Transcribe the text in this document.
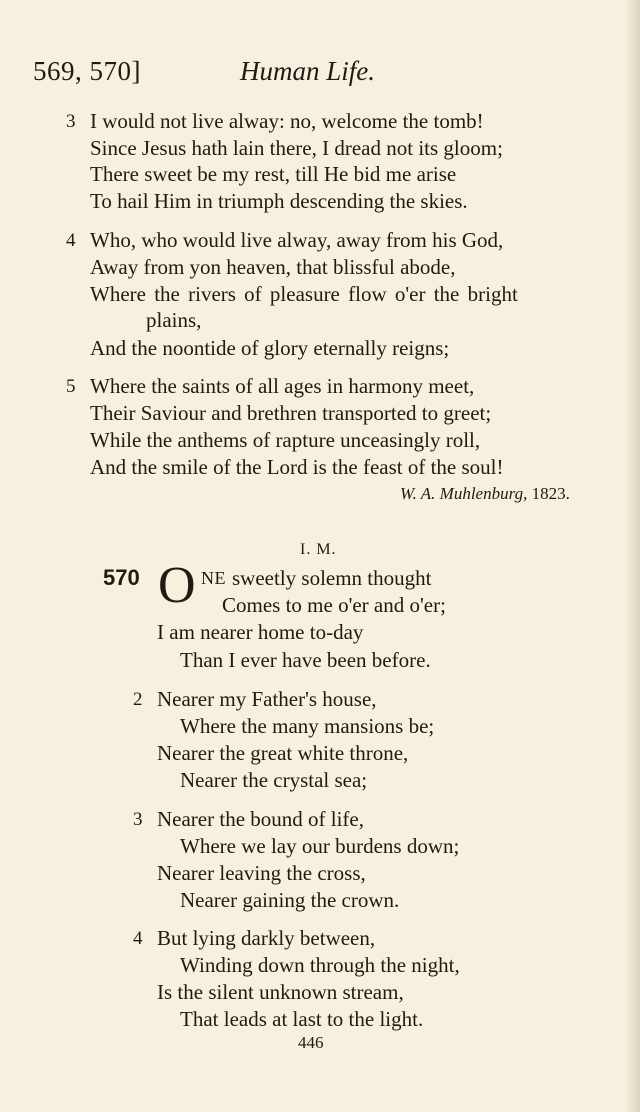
569, 570]	Human Life.
3 I would not live alway: no, welcome the tomb!
Since Jesus hath lain there, I dread not its gloom;
There sweet be my rest, till He bid me arise
To hail Him in triumph descending the skies.
4 Who, who would live alway, away from his God,
Away from yon heaven, that blissful abode,
Where the rivers of pleasure flow o'er the bright
plains,
And the noontide of glory eternally reigns;
5 Where the saints of all ages in harmony meet,
Their Saviour and brethren transported to greet;
While the anthems of rapture unceasingly roll,
And the smile of the Lord is the feast of the soul!
W. A. Muhlenburg, 1823.
I. M.
570 O NE sweetly solemn thought
Comes to me o'er and o'er;
I am nearer home to-day
Than I ever have been before.
2 Nearer my Father's house,
Where the many mansions be;
Nearer the great white throne,
Nearer the crystal sea;
3 Nearer the bound of life,
Where we lay our burdens down;
Nearer leaving the cross,
Nearer gaining the crown.
4 But lying darkly between,
Winding down through the night,
Is the silent unknown stream,
That leads at last to the light.
446
